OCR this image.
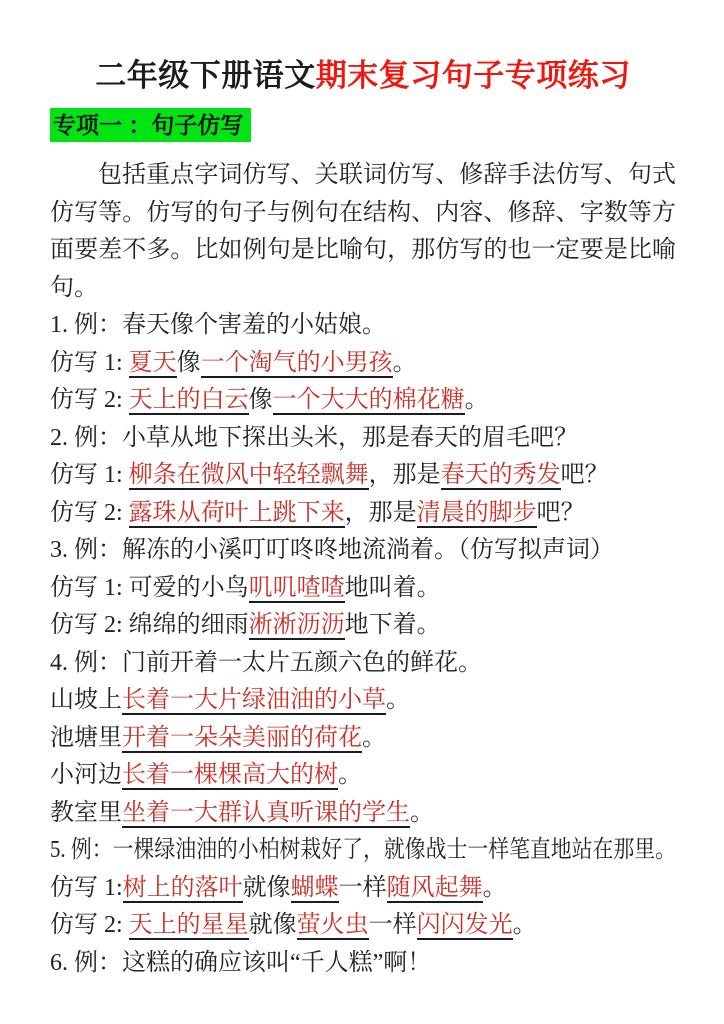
二年级下册语文期末复习句子专项练习
专项一 ：句子仿写

包括重点字词仿写、关联词仿写、修辞手法仿写、句式仿写等。仿写的句子与例句在结构、内容、修辞、字数等方面要差不多。比如例句是比喻句，那仿写的也一定要是比喻句。

1. 例：春天像个害羞的小姑娘。
仿写 1: 夏天像一个淘气的小男孩。
仿写 2: 天上的白云像一个大大的棉花糖。
2. 例：小草从地下探出头米，那是春天的眉毛吧？
仿写 1: 柳条在微风中轻轻飘舞，那是春天的秀发吧？
仿写 2: 露珠从荷叶上跳下来，那是清晨的脚步吧？
3. 例：解冻的小溪叮叮咚咚地流淌着。（仿写拟声词）
仿写 1: 可爱的小鸟叽叽喳喳地叫着。
仿写 2: 绵绵的细雨淅淅沥沥地下着。
4. 例：门前开着一太片五颜六色的鲜花。
山坡上长着一大片绿油油的小草。
池塘里开着一朵朵美丽的荷花。
小河边长着一棵棵高大的树。
教室里坐着一大群认真听课的学生。
5. 例：一棵绿油油的小柏树栽好了，就像战士一样笔直地站在那里。
仿写 1:树上的落叶就像蝴蝶一样随风起舞。
仿写 2: 天上的星星就像萤火虫一样闪闪发光。
6. 例：这糕的确应该叫“千人糕”啊！
